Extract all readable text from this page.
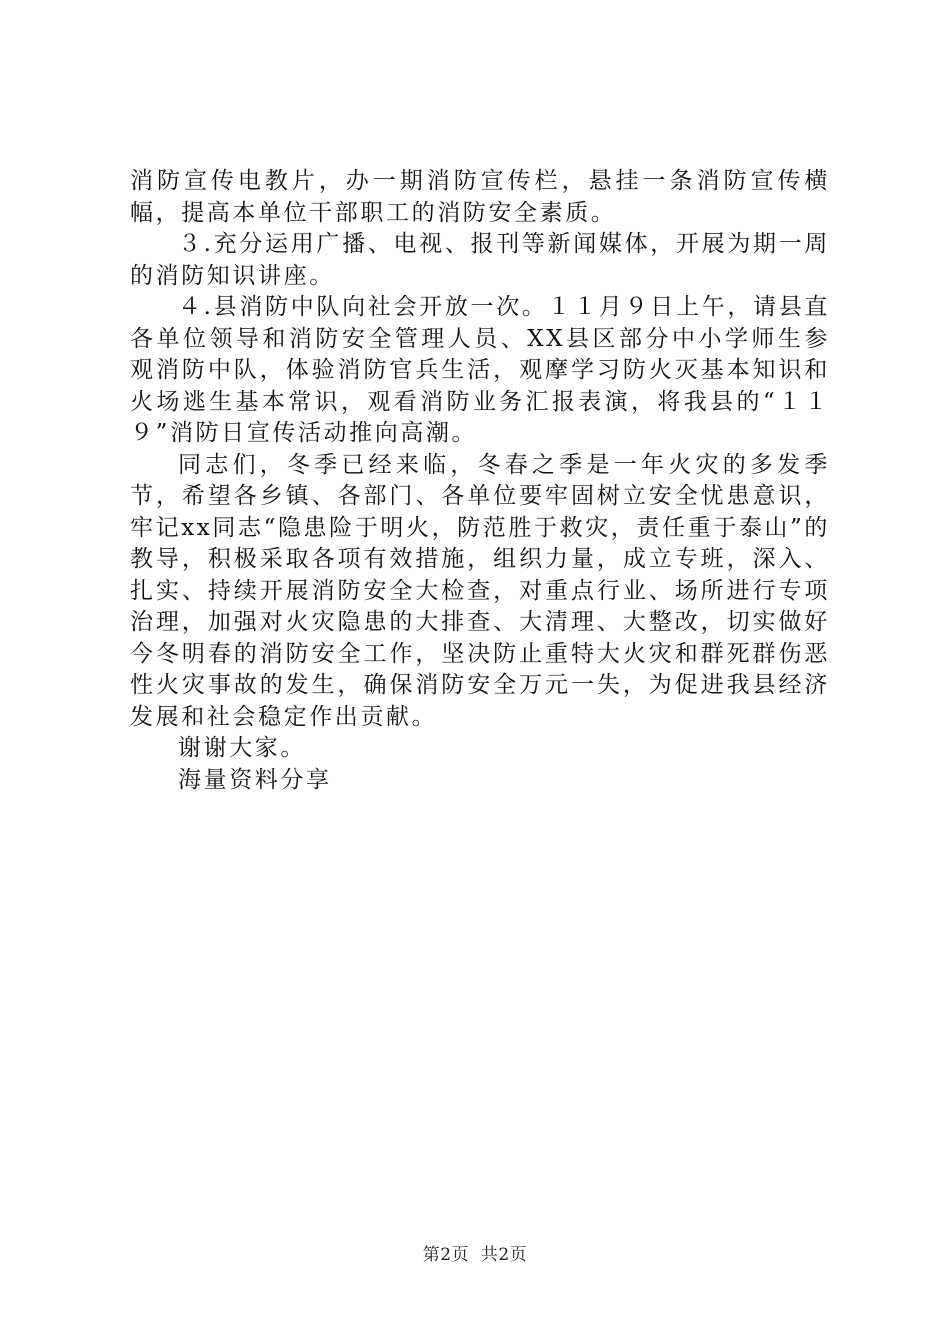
消防宣传电教片，办一期消防宣传栏，悬挂一条消防宣传横幅，提高本单位干部职工的消防安全素质。

３.充分运用广播、电视、报刊等新闻媒体，开展为期一周的消防知识讲座。

４.县消防中队向社会开放一次。１１月９日上午，请县直各单位领导和消防安全管理人员、XX县区部分中小学师生参观消防中队，体验消防官兵生活，观摩学习防火灭基本知识和火场逃生基本常识，观看消防业务汇报表演，将我县的“１１９”消防日宣传活动推向高潮。

同志们，冬季已经来临，冬春之季是一年火灾的多发季节，希望各乡镇、各部门、各单位要牢固树立安全忧患意识，牢记xx同志“隐患险于明火，防范胜于救灾，责任重于泰山”的教导，积极采取各项有效措施，组织力量，成立专班，深入、扎实、持续开展消防安全大检查，对重点行业、场所进行专项治理，加强对火灾隐患的大排查、大清理、大整改，切实做好今冬明春的消防安全工作，坚决防止重特大火灾和群死群伤恶性火灾事故的发生，确保消防安全万元一失，为促进我县经济发展和社会稳定作出贡献。

谢谢大家。

海量资料分享

第2页  共2页
